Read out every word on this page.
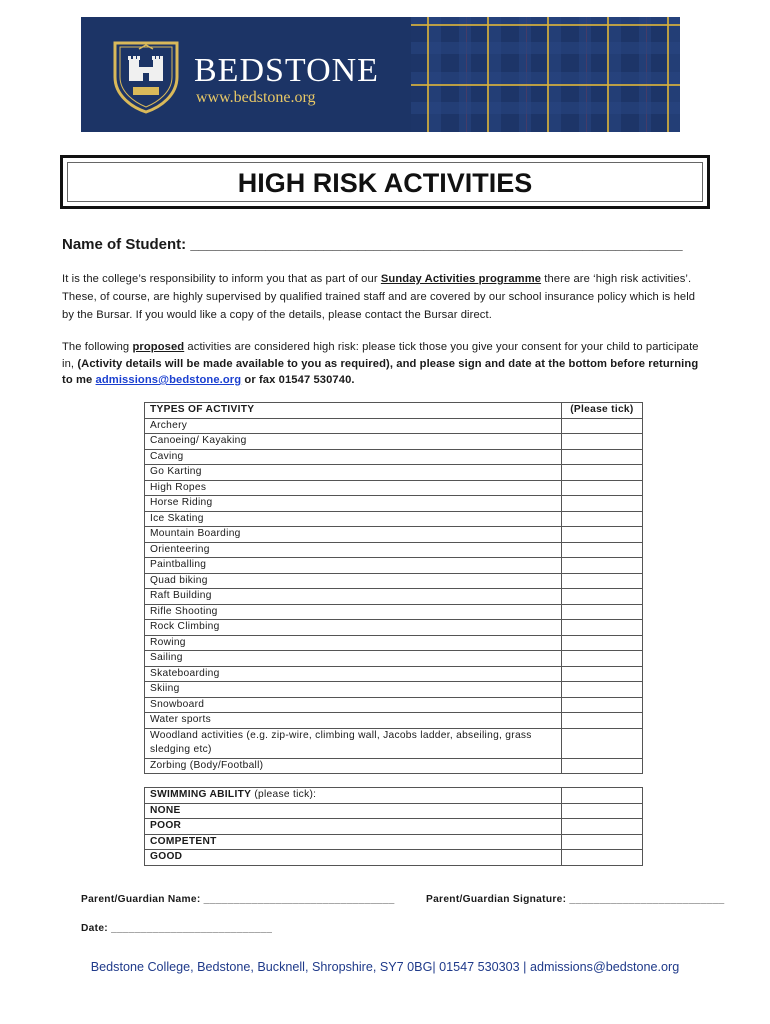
BEDSTONE
www.bedstone.org
HIGH RISK ACTIVITIES
Name of Student: ___________________________________________________________
It is the college’s responsibility to inform you that as part of our Sunday Activities programme there are ‘high risk activities’. These, of course, are highly supervised by qualified trained staff and are covered by our school insurance policy which is held by the Bursar. If you would like a copy of the details, please contact the Bursar direct.
The following proposed activities are considered high risk: please tick those you give your consent for your child to participate in, (Activity details will be made available to you as required), and please sign and date at the bottom before returning to me admissions@bedstone.org or fax 01547 530740.
TYPES OF ACTIVITY	(Please tick)
Archery	
Canoeing/ Kayaking	
Caving	
Go Karting	
High Ropes	
Horse Riding	
Ice Skating	
Mountain Boarding	
Orienteering	
Paintballing	
Quad biking	
Raft Building	
Rifle Shooting	
Rock Climbing	
Rowing	
Sailing	
Skateboarding	
Skiing	
Snowboard	
Water sports	
Woodland activities (e.g. zip-wire, climbing wall, Jacobs ladder, abseiling, grass sledging etc)	
Zorbing (Body/Football)	
SWIMMING ABILITY (please tick):	
NONE	
POOR	
COMPETENT	
GOOD	
Parent/Guardian Name: ________________________________	Parent/Guardian Signature: __________________________
Date: ___________________________
Bedstone College, Bedstone, Bucknell, Shropshire, SY7 0BG| 01547 530303 | admissions@bedstone.org
